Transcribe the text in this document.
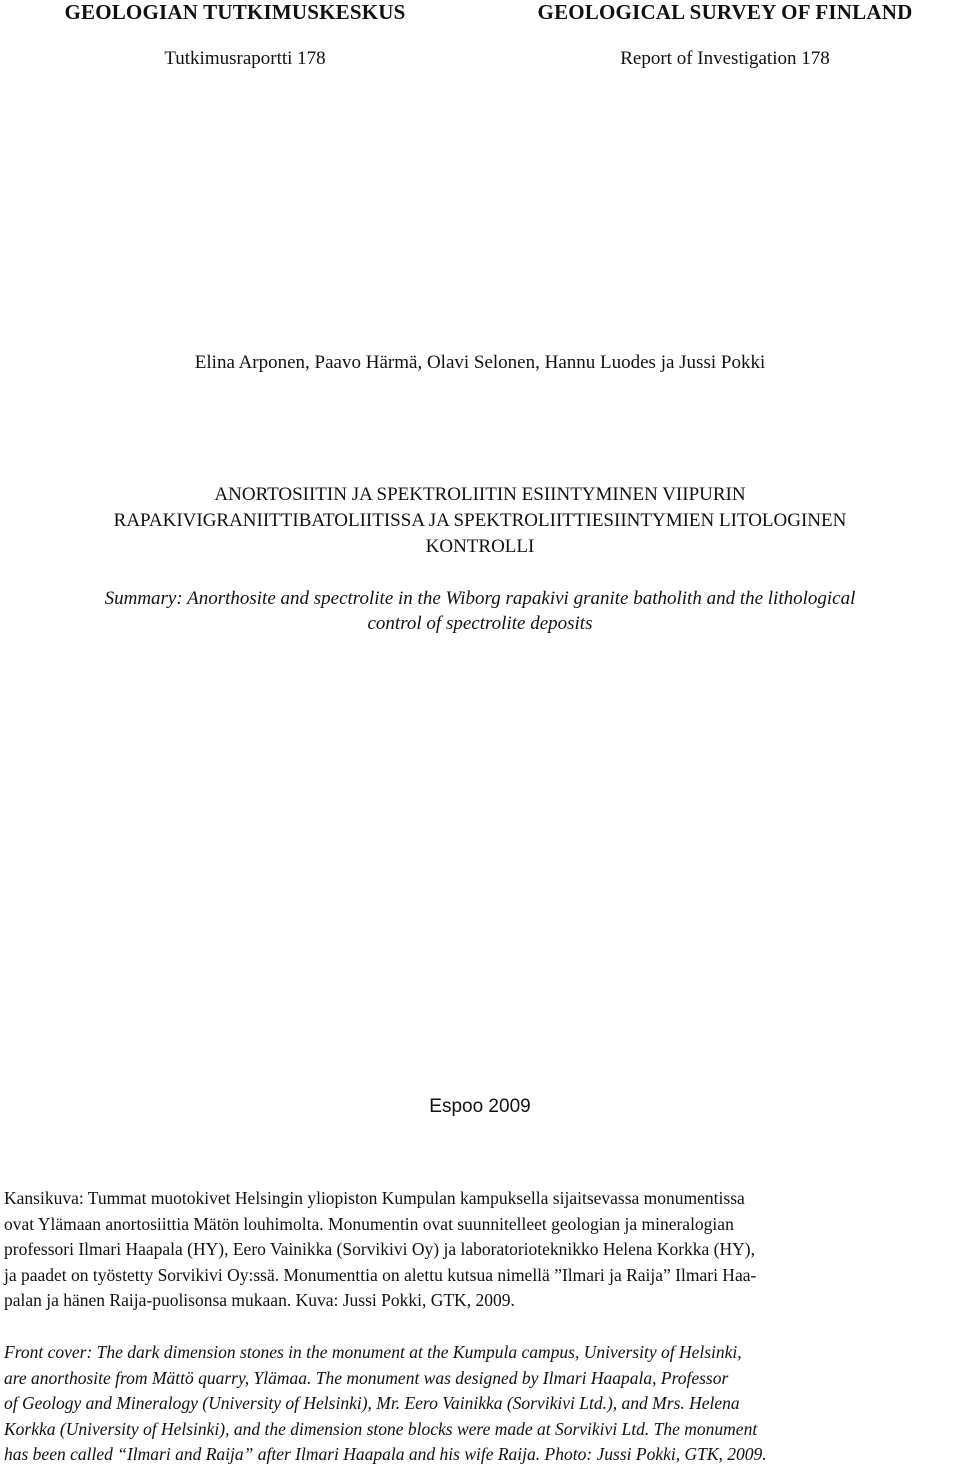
GEOLOGIAN TUTKIMUSKESKUS	GEOLOGICAL SURVEY OF FINLAND
Tutkimusraportti 178	Report of Investigation 178
Elina Arponen, Paavo Härmä, Olavi Selonen, Hannu Luodes ja Jussi Pokki
ANORTOSIITIN JA SPEKTROLIITIN ESIINTYMINEN VIIPURIN
RAPAKIVIGRANIITTIBATOLIITISSA JA SPEKTROLIITTIESIINTYMIEN LITOLOGINEN
KONTROLLI
Summary: Anorthosite and spectrolite in the Wiborg rapakivi granite batholith and the lithological
control of spectrolite deposits
Espoo 2009
Kansikuva: Tummat muotokivet Helsingin yliopiston Kumpulan kampuksella sijaitsevassa monumentissa
ovat Ylämaan anortosiittia Mätön louhimolta. Monumentin ovat suunnitelleet geologian ja mineralogian
professori Ilmari Haapala (HY), Eero Vainikka (Sorvikivi Oy) ja laboratorioteknikko Helena Korkka (HY),
ja paadet on työstetty Sorvikivi Oy:ssä. Monumenttia on alettu kutsua nimellä ”Ilmari ja Raija” Ilmari Haa-
palan ja hänen Raija-puolisonsa mukaan. Kuva: Jussi Pokki, GTK, 2009.
Front cover: The dark dimension stones in the monument at the Kumpula campus, University of Helsinki,
are anorthosite from Mättö quarry, Ylämaa. The monument was designed by Ilmari Haapala, Professor
of Geology and Mineralogy (University of Helsinki), Mr. Eero Vainikka (Sorvikivi Ltd.), and Mrs. Helena
Korkka (University of Helsinki), and the dimension stone blocks were made at Sorvikivi Ltd. The monument
has been called “Ilmari and Raija” after Ilmari Haapala and his wife Raija. Photo: Jussi Pokki, GTK, 2009.
